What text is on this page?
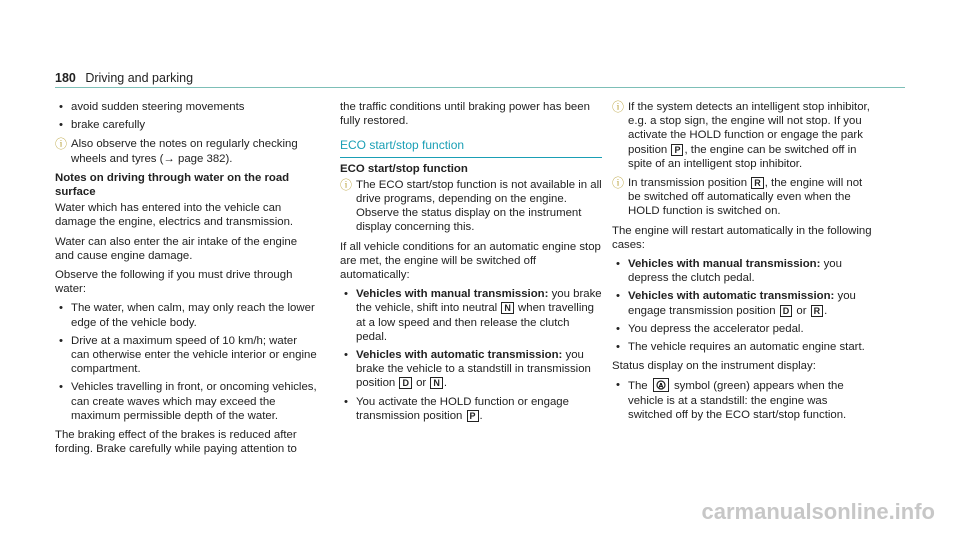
180 Driving and parking
• avoid sudden steering movements
• brake carefully
ⓘ Also observe the notes on regularly checking wheels and tyres (→ page 382).
Notes on driving through water on the road surface

Water which has entered into the vehicle can damage the engine, electrics and transmission.

Water can also enter the air intake of the engine and cause engine damage.

Observe the following if you must drive through water:

• The water, when calm, may only reach the lower edge of the vehicle body.
• Drive at a maximum speed of 10 km/h; water can otherwise enter the vehicle interior or engine compartment.
• Vehicles travelling in front, or oncoming vehicles, can create waves which may exceed the maximum permissible depth of the water.

The braking effect of the brakes is reduced after fording. Brake carefully while paying attention to

the traffic conditions until braking power has been fully restored.

ECO start/stop function
ECO start/stop function
ⓘ The ECO start/stop function is not available in all drive programs, depending on the engine. Observe the status display on the instrument display concerning this.

If all vehicle conditions for an automatic engine stop are met, the engine will be switched off automatically:

• Vehicles with manual transmission: you brake the vehicle, shift into neutral N when travelling at a low speed and then release the clutch pedal.
• Vehicles with automatic transmission: you brake the vehicle to a standstill in transmission position D or N .
• You activate the HOLD function or engage transmission position P .
ⓘ If the system detects an intelligent stop inhibitor, e.g. a stop sign, the engine will not stop. If you activate the HOLD function or engage the park position P , the engine can be switched off in spite of an intelligent stop inhibitor.
ⓘ In transmission position R , the engine will not be switched off automatically even when the HOLD function is switched on.

The engine will restart automatically in the following cases:

• Vehicles with manual transmission: you depress the clutch pedal.
• Vehicles with automatic transmission: you engage transmission position D or R .
• You depress the accelerator pedal.
• The vehicle requires an automatic engine start.

Status display on the instrument display:

• The A symbol (green) appears when the vehicle is at a standstill: the engine was switched off by the ECO start/stop function.
carmanualsonline.info
